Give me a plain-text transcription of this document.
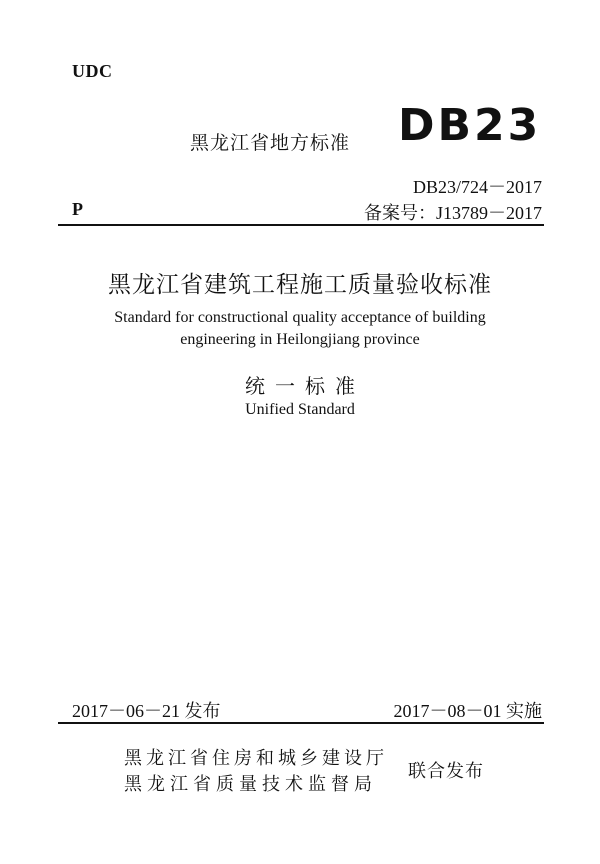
UDC
黑龙江省地方标准 DB23
DB23/724－2017
P	备案号：J13789－2017
黑龙江省建筑工程施工质量验收标准
Standard for constructional quality acceptance of building
engineering in Heilongjiang province
统一标准
Unified Standard
2017－06－21 发布	2017－08－01 实施
黑龙江省住房和城乡建设厅
黑龙江省质量技术监督局
联合发布
